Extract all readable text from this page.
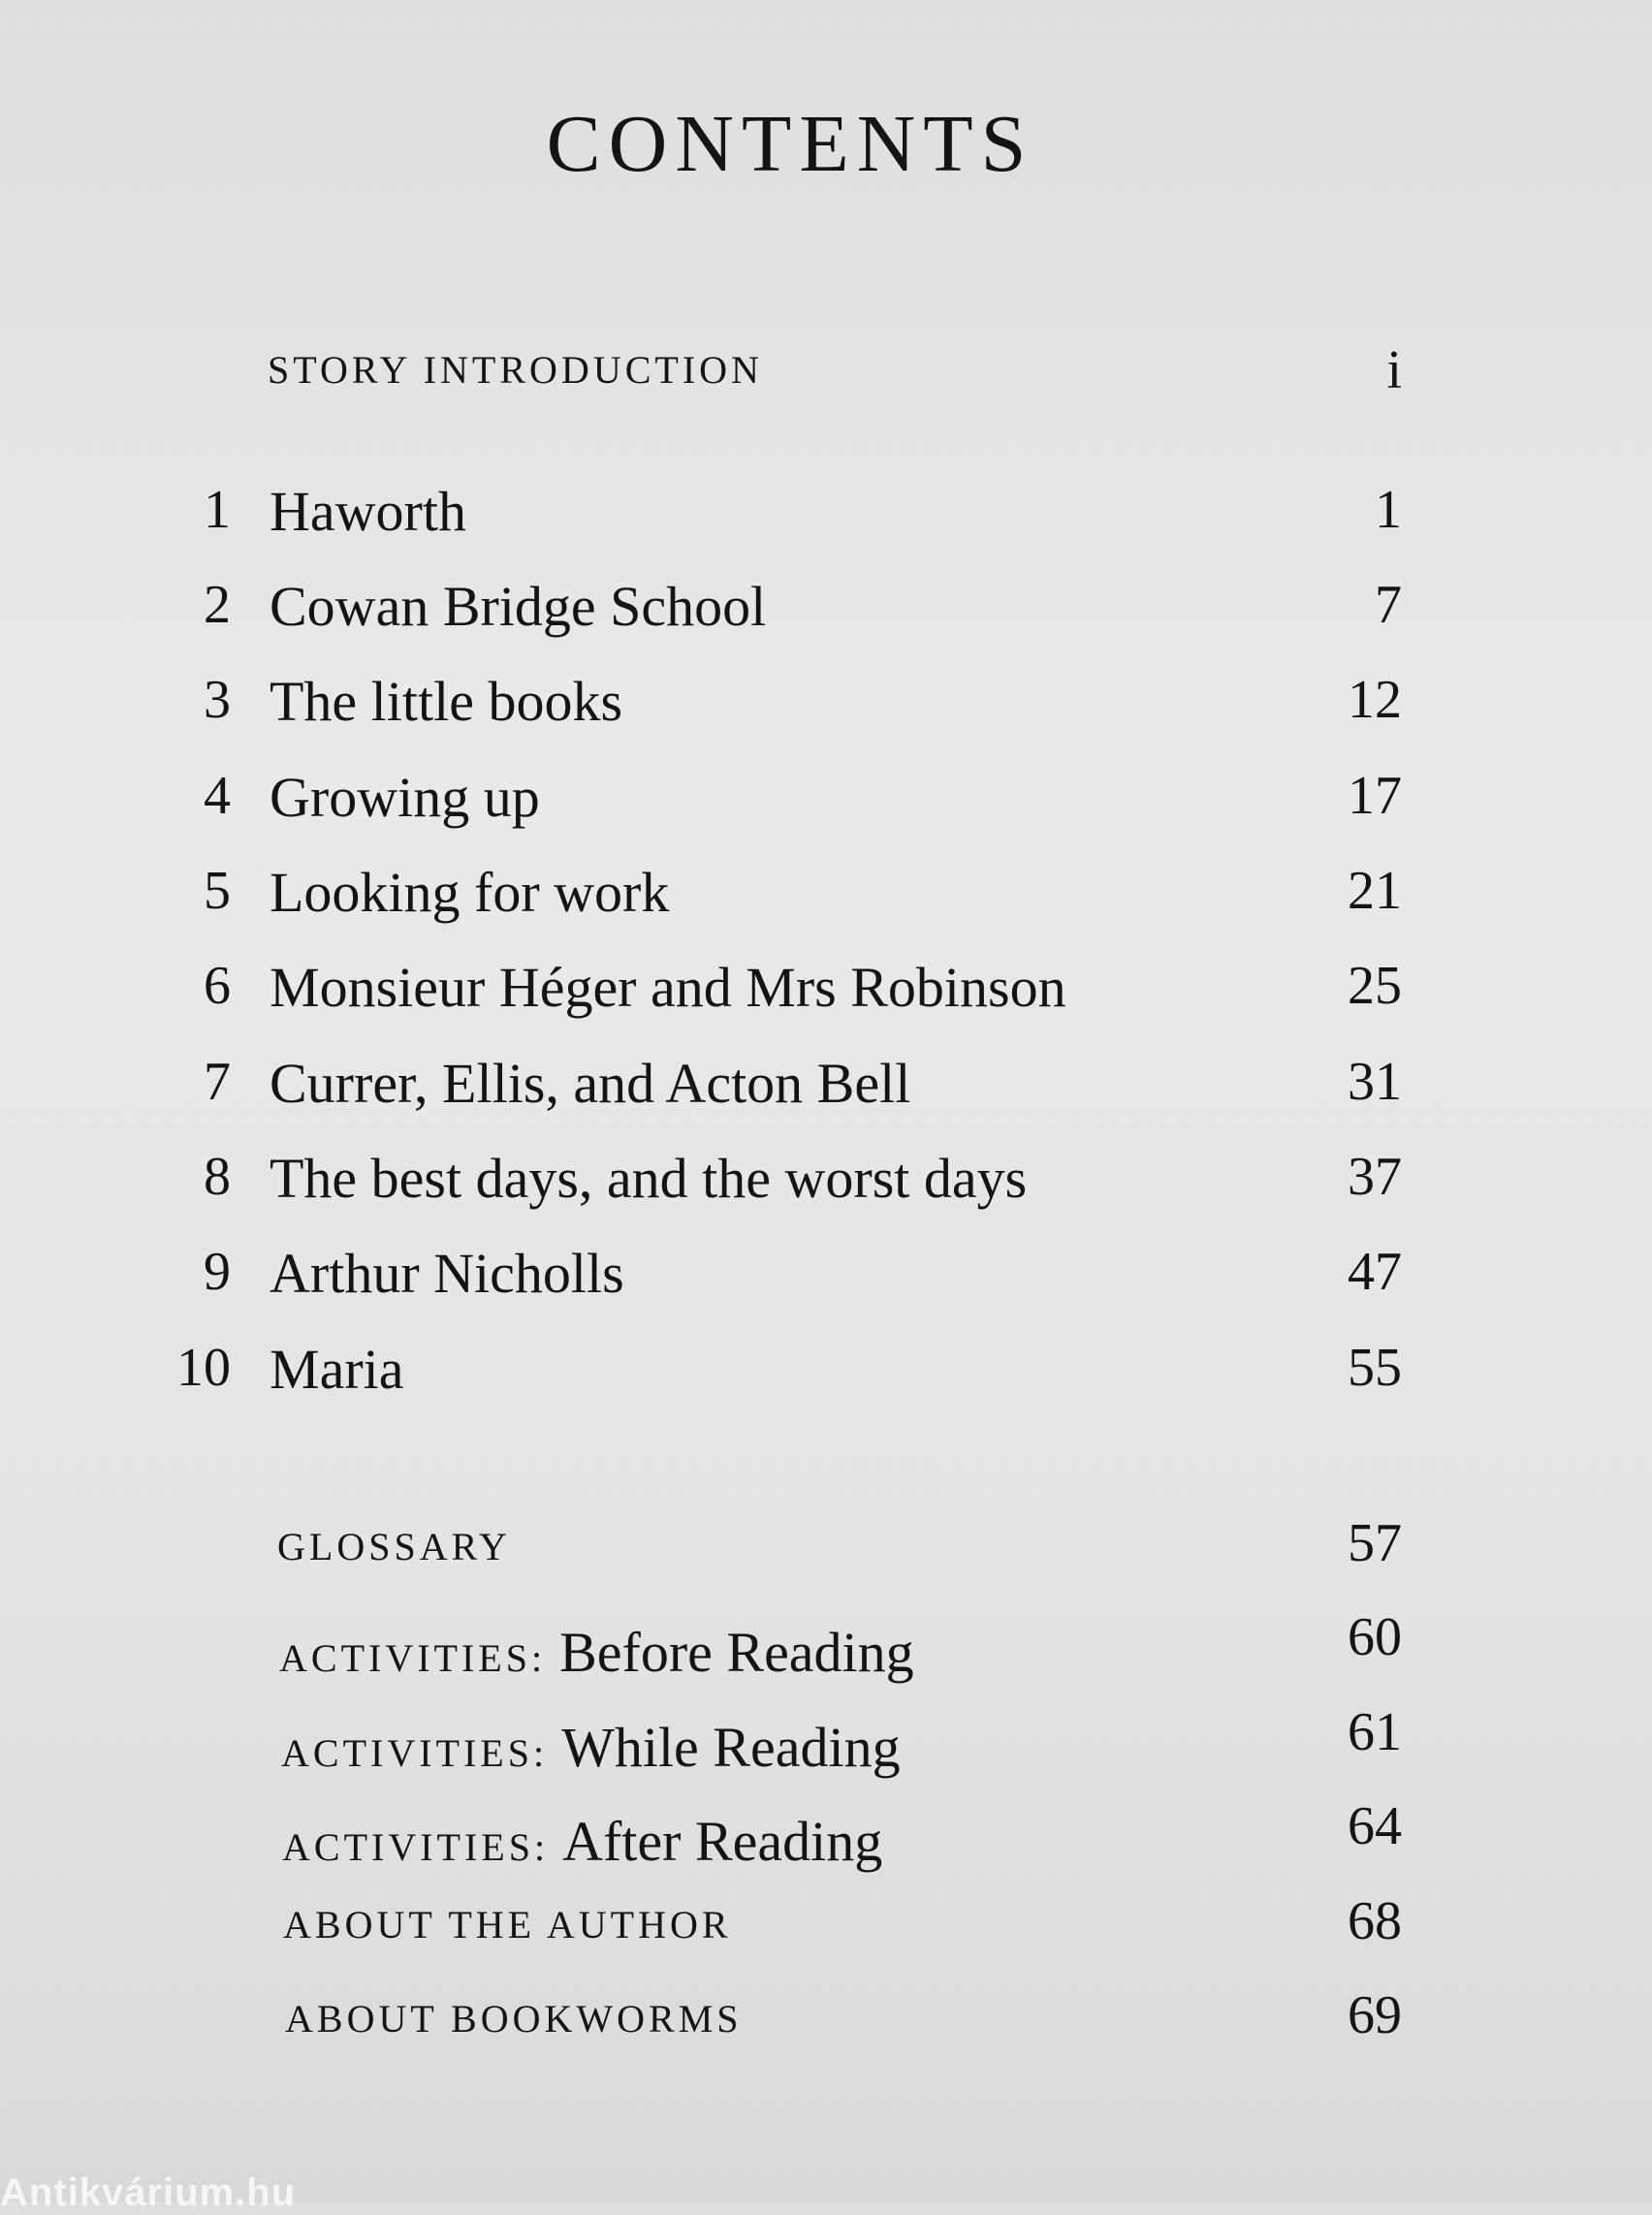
CONTENTS
STORY INTRODUCTION	i
1 Haworth	1
2 Cowan Bridge School	7
3 The little books	12
4 Growing up	17
5 Looking for work	21
6 Monsieur Héger and Mrs Robinson	25
7 Currer, Ellis, and Acton Bell	31
8 The best days, and the worst days	37
9 Arthur Nicholls	47
10 Maria	55
GLOSSARY	57
ACTIVITIES: Before Reading	60
ACTIVITIES: While Reading	61
ACTIVITIES: After Reading	64
ABOUT THE AUTHOR	68
ABOUT BOOKWORMS	69
Antikvárium.hu
